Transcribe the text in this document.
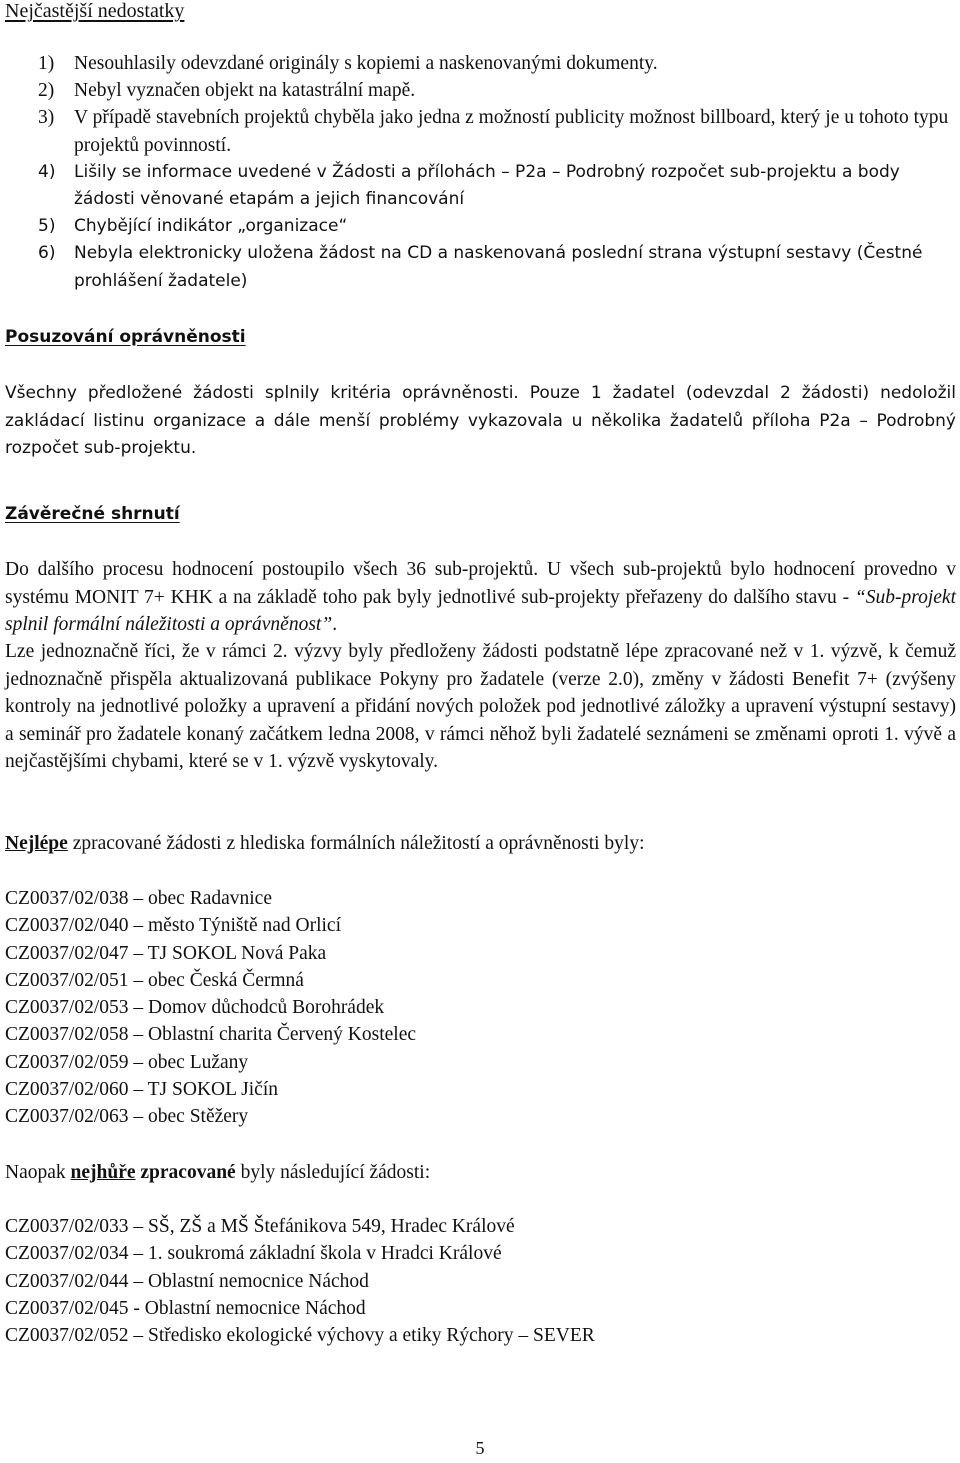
Nejčastější nedostatky
1)	Nesouhlasily odevzdané originály s kopiemi a naskenovanými dokumenty.
2)	Nebyl vyznačen objekt na katastrální mapě.
3)	V případě stavebních projektů chyběla jako jedna z možností publicity možnost billboard, který je u tohoto typu projektů povinností.
4)	Lišily se informace uvedené v Žádosti a přílohách – P2a – Podrobný rozpočet sub-projektu a body žádosti věnované etapám a jejich financování
5)	Chybějící indikátor „organizace“
6)	Nebyla elektronicky uložena žádost na CD a naskenovaná poslední strana výstupní sestavy (Čestné prohlášení žadatele)
Posuzování oprávněnosti

Všechny předložené žádosti splnily kritéria oprávněnosti. Pouze 1 žadatel (odevzdal 2 žádosti) nedoložil zakládací listinu organizace a dále menší problémy vykazovala u několika žadatelů příloha P2a – Podrobný rozpočet sub-projektu.

Závěrečné shrnutí

Do dalšího procesu hodnocení postoupilo všech 36 sub-projektů. U všech sub-projektů bylo hodnocení provedno v systému MONIT 7+ KHK a na základě toho pak byly jednotlivé sub-projekty přeřazeny do dalšího stavu - “Sub-projekt splnil formální náležitosti a oprávněnost”.

Lze jednoznačně říci, že v rámci 2. výzvy byly předloženy žádosti podstatně lépe zpracované než v 1. výzvě, k čemuž jednoznačně přispěla aktualizovaná publikace Pokyny pro žadatele (verze 2.0), změny v žádosti Benefit 7+ (zvýšeny kontroly na jednotlivé položky a upravení a přidání nových položek pod jednotlivé záložky a upravení výstupní sestavy) a seminář pro žadatele konaný začátkem ledna 2008, v rámci něhož byli žadatelé seznámeni se změnami oproti 1. vývě a nejčastějšími chybami, které se v 1. výzvě vyskytovaly.

Nejlépe zpracované žádosti z hlediska formálních náležitostí a oprávněnosti byly:

CZ0037/02/038 – obec Radavnice
CZ0037/02/040 – město Týniště nad Orlicí
CZ0037/02/047 – TJ SOKOL Nová Paka
CZ0037/02/051 – obec Česká Čermná
CZ0037/02/053 – Domov důchodců Borohrádek
CZ0037/02/058 – Oblastní charita Červený Kostelec
CZ0037/02/059 – obec Lužany
CZ0037/02/060 – TJ SOKOL Jičín
CZ0037/02/063 – obec Stěžery

Naopak nejhůře zpracované byly následující žádosti:

CZ0037/02/033 – SŠ, ZŠ a MŠ Štefánikova 549, Hradec Králové
CZ0037/02/034 – 1. soukromá základní škola v Hradci Králové
CZ0037/02/044 – Oblastní nemocnice Náchod
CZ0037/02/045 - Oblastní nemocnice Náchod
CZ0037/02/052 – Středisko ekologické výchovy a etiky Rýchory – SEVER
5
